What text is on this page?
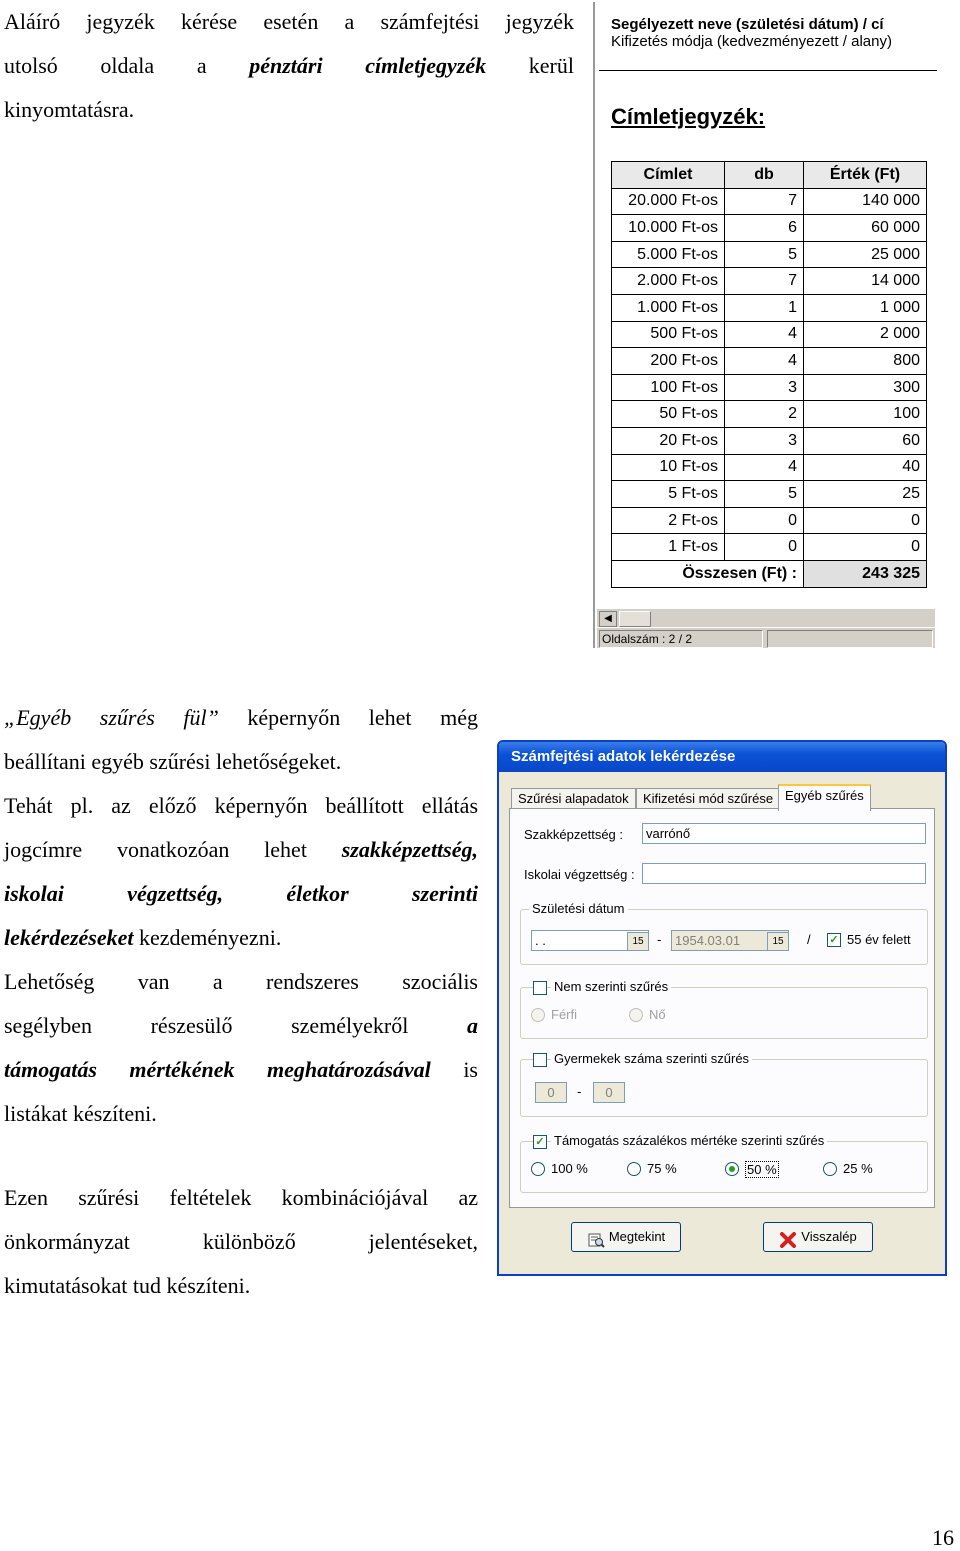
Aláíró jegyzék kérése esetén a számfejtési jegyzék
utolsó oldala a pénztári címletjegyzék kerül
kinyomtatásra.
Segélyezett neve (születési dátum) / cí
Kifizetés módja (kedvezményezett / alany)
Címletjegyzék:
Címlet	db	Érték (Ft)
20.000 Ft-os	7	140 000
10.000 Ft-os	6	60 000
5.000 Ft-os	5	25 000
2.000 Ft-os	7	14 000
1.000 Ft-os	1	1 000
500 Ft-os	4	2 000
200 Ft-os	4	800
100 Ft-os	3	300
50 Ft-os	2	100
20 Ft-os	3	60
10 Ft-os	4	40
5 Ft-os	5	25
2 Ft-os	0	0
1 Ft-os	0	0
Összesen (Ft) :		243 325
◀
Oldalszám : 2 / 2
„Egyéb szűrés fül” képernyőn lehet még
beállítani egyéb szűrési lehetőségeket.
Tehát pl. az előző képernyőn beállított ellátás
jogcímre vonatkozóan lehet szakképzettség,
iskolai végzettség, életkor szerinti
lekérdezéseket kezdeményezni.
Lehetőség van a rendszeres szociális
segélyben részesülő személyekről a
támogatás mértékének meghatározásával is
listákat készíteni.
Ezen szűrési feltételek kombinációjával az
önkormányzat különböző jelentéseket,
kimutatásokat tud készíteni.
Számfejtési adatok lekérdezése
Szűrési alapadatok	Kifizetési mód szűrése Egyéb szűrés
Szakképzettség :	varrónő
Iskolai végzettség :
Születési dátum
. .	15	-	1954.03.01	15	/ ✓ 55 év felett
Nem szerinti szűrés
Férfi	Nő
Gyermekek száma szerinti szűrés
0	-	0
✓ Támogatás százalékos mértéke szerinti szűrés
100 %	75 %	50 %	25 %
Megtekint	Visszalép
16
